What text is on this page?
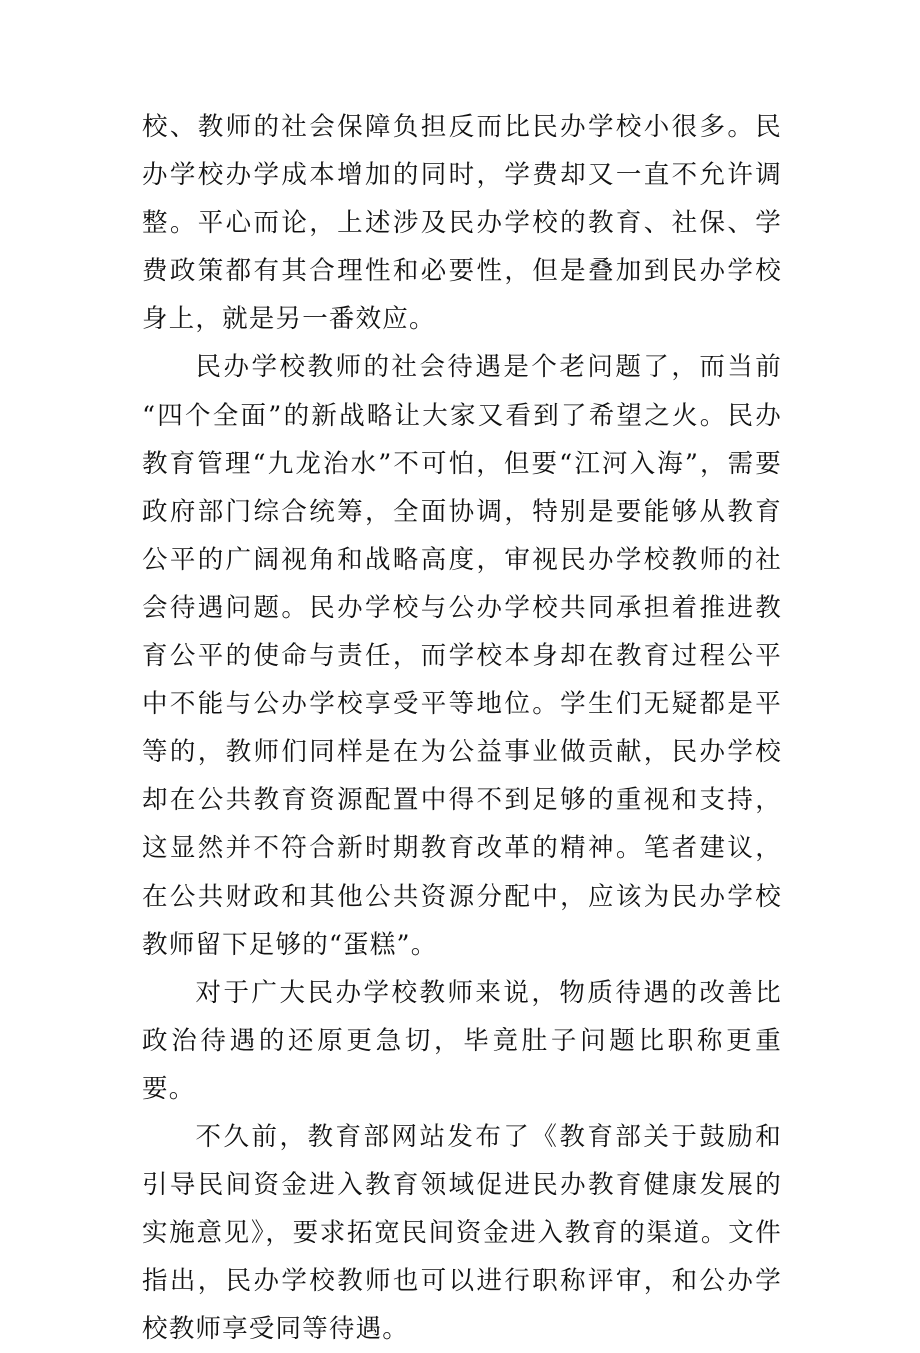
校、教师的社会保障负担反而比民办学校小很多。民办学校办学成本增加的同时，学费却又一直不允许调整。平心而论，上述涉及民办学校的教育、社保、学费政策都有其合理性和必要性，但是叠加到民办学校身上，就是另一番效应。

民办学校教师的社会待遇是个老问题了，而当前 “四个全面”的新战略让大家又看到了希望之火。民办教育管理“九龙治水”不可怕，但要“江河入海”，需要政府部门综合统筹，全面协调，特别是要能够从教育公平的广阔视角和战略高度，审视民办学校教师的社会待遇问题。民办学校与公办学校共同承担着推进教育公平的使命与责任，而学校本身却在教育过程公平中不能与公办学校享受平等地位。学生们无疑都是平等的，教师们同样是在为公益事业做贡献，民办学校却在公共教育资源配置中得不到足够的重视和支持，这显然并不符合新时期教育改革的精神。笔者建议，在公共财政和其他公共资源分配中，应该为民办学校教师留下足够的“蛋糕”。

对于广大民办学校教师来说，物质待遇的改善比政治待遇的还原更急切，毕竟肚子问题比职称更重要。

不久前，教育部网站发布了《教育部关于鼓励和引导民间资金进入教育领域促进民办教育健康发展的实施意见》，要求拓宽民间资金进入教育的渠道。文件指出，民办学校教师也可以进行职称评审，和公办学校教师享受同等待遇。
